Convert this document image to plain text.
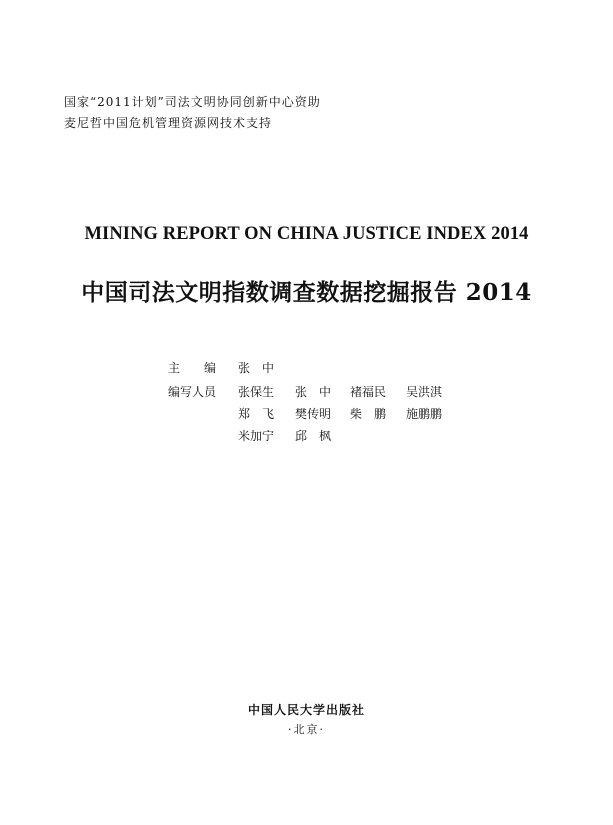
国家“2011计划”司法文明协同创新中心资助
麦尼哲中国危机管理资源网技术支持
MINING REPORT ON CHINA JUSTICE INDEX 2014
中国司法文明指数调查数据挖掘报告 2014
主　　编 张　中
编写人员 张保生 张　中 褚福民 吴洪淇
郑　飞 樊传明 柴　鹏 施鹏鹏
米加宁 邱　枫
中国人民大学出版社
·北京·
